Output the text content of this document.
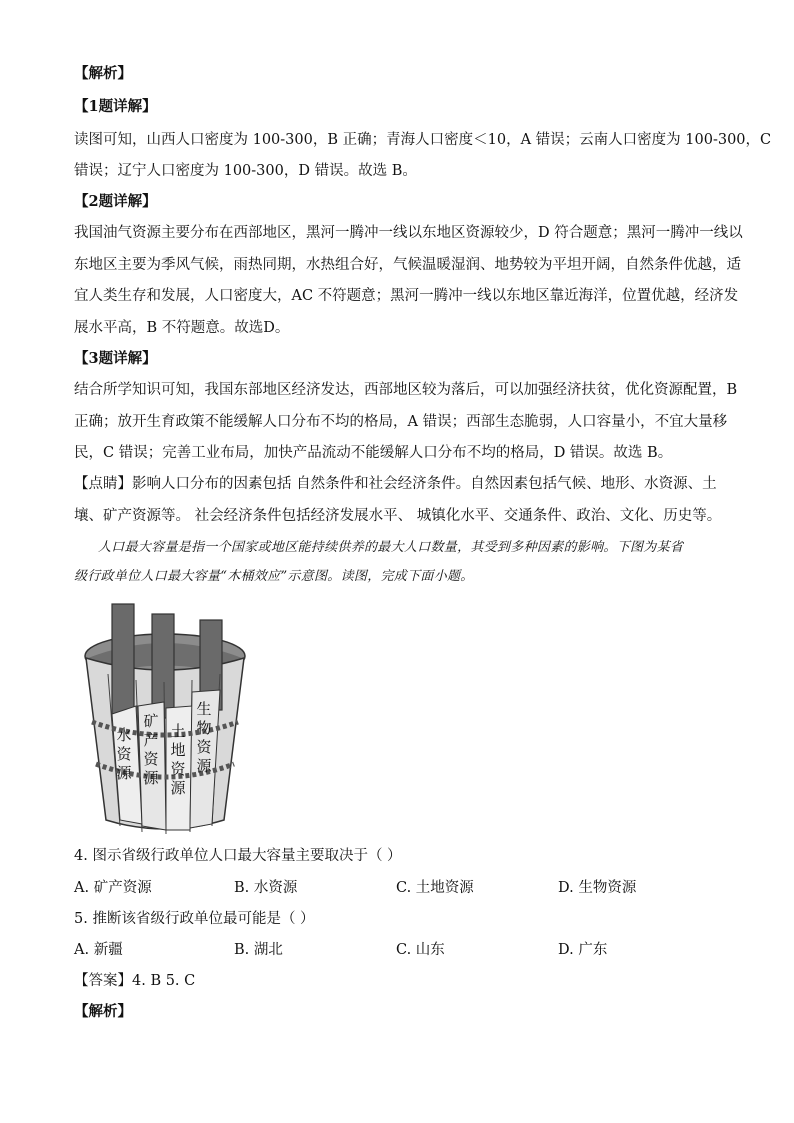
【解析】
【1题详解】
读图可知，山西人口密度为 100-300，B 正确；青海人口密度＜10，A 错误；云南人口密度为 100-300，C
错误；辽宁人口密度为 100-300，D 错误。故选 B。
【2题详解】
我国油气资源主要分布在西部地区，黑河一腾冲一线以东地区资源较少，D 符合题意；黑河一腾冲一线以
东地区主要为季风气候，雨热同期，水热组合好，气候温暖湿润、地势较为平坦开阔，自然条件优越，适
宜人类生存和发展，人口密度大，AC 不符题意；黑河一腾冲一线以东地区靠近海洋，位置优越，经济发
展水平高，B 不符题意。故选D。
【3题详解】
结合所学知识可知，我国东部地区经济发达，西部地区较为落后，可以加强经济扶贫，优化资源配置，B
正确；放开生育政策不能缓解人口分布不均的格局，A 错误；西部生态脆弱，人口容量小，不宜大量移
民，C 错误；完善工业布局，加快产品流动不能缓解人口分布不均的格局，D 错误。故选 B。
【点睛】影响人口分布的因素包括 自然条件和社会经济条件。自然因素包括气候、地形、水资源、土
壤、矿产资源等。 社会经济条件包括经济发展水平、 城镇化水平、交通条件、政治、文化、历史等。
人口最大容量是指一个国家或地区能持续供养的最大人口数量，其受到多种因素的影响。下图为某省
级行政单位人口最大容量“木桶效应”示意图。读图，完成下面小题。
水资源
矿产资源
土地资源
生物资源
4. 图示省级行政单位人口最大容量主要取决于（ ）
A. 矿产资源	B. 水资源	C. 土地资源	D. 生物资源
5. 推断该省级行政单位最可能是（ ）
A. 新疆	B. 湖北	C. 山东	D. 广东
【答案】4. B 5. C
【解析】
